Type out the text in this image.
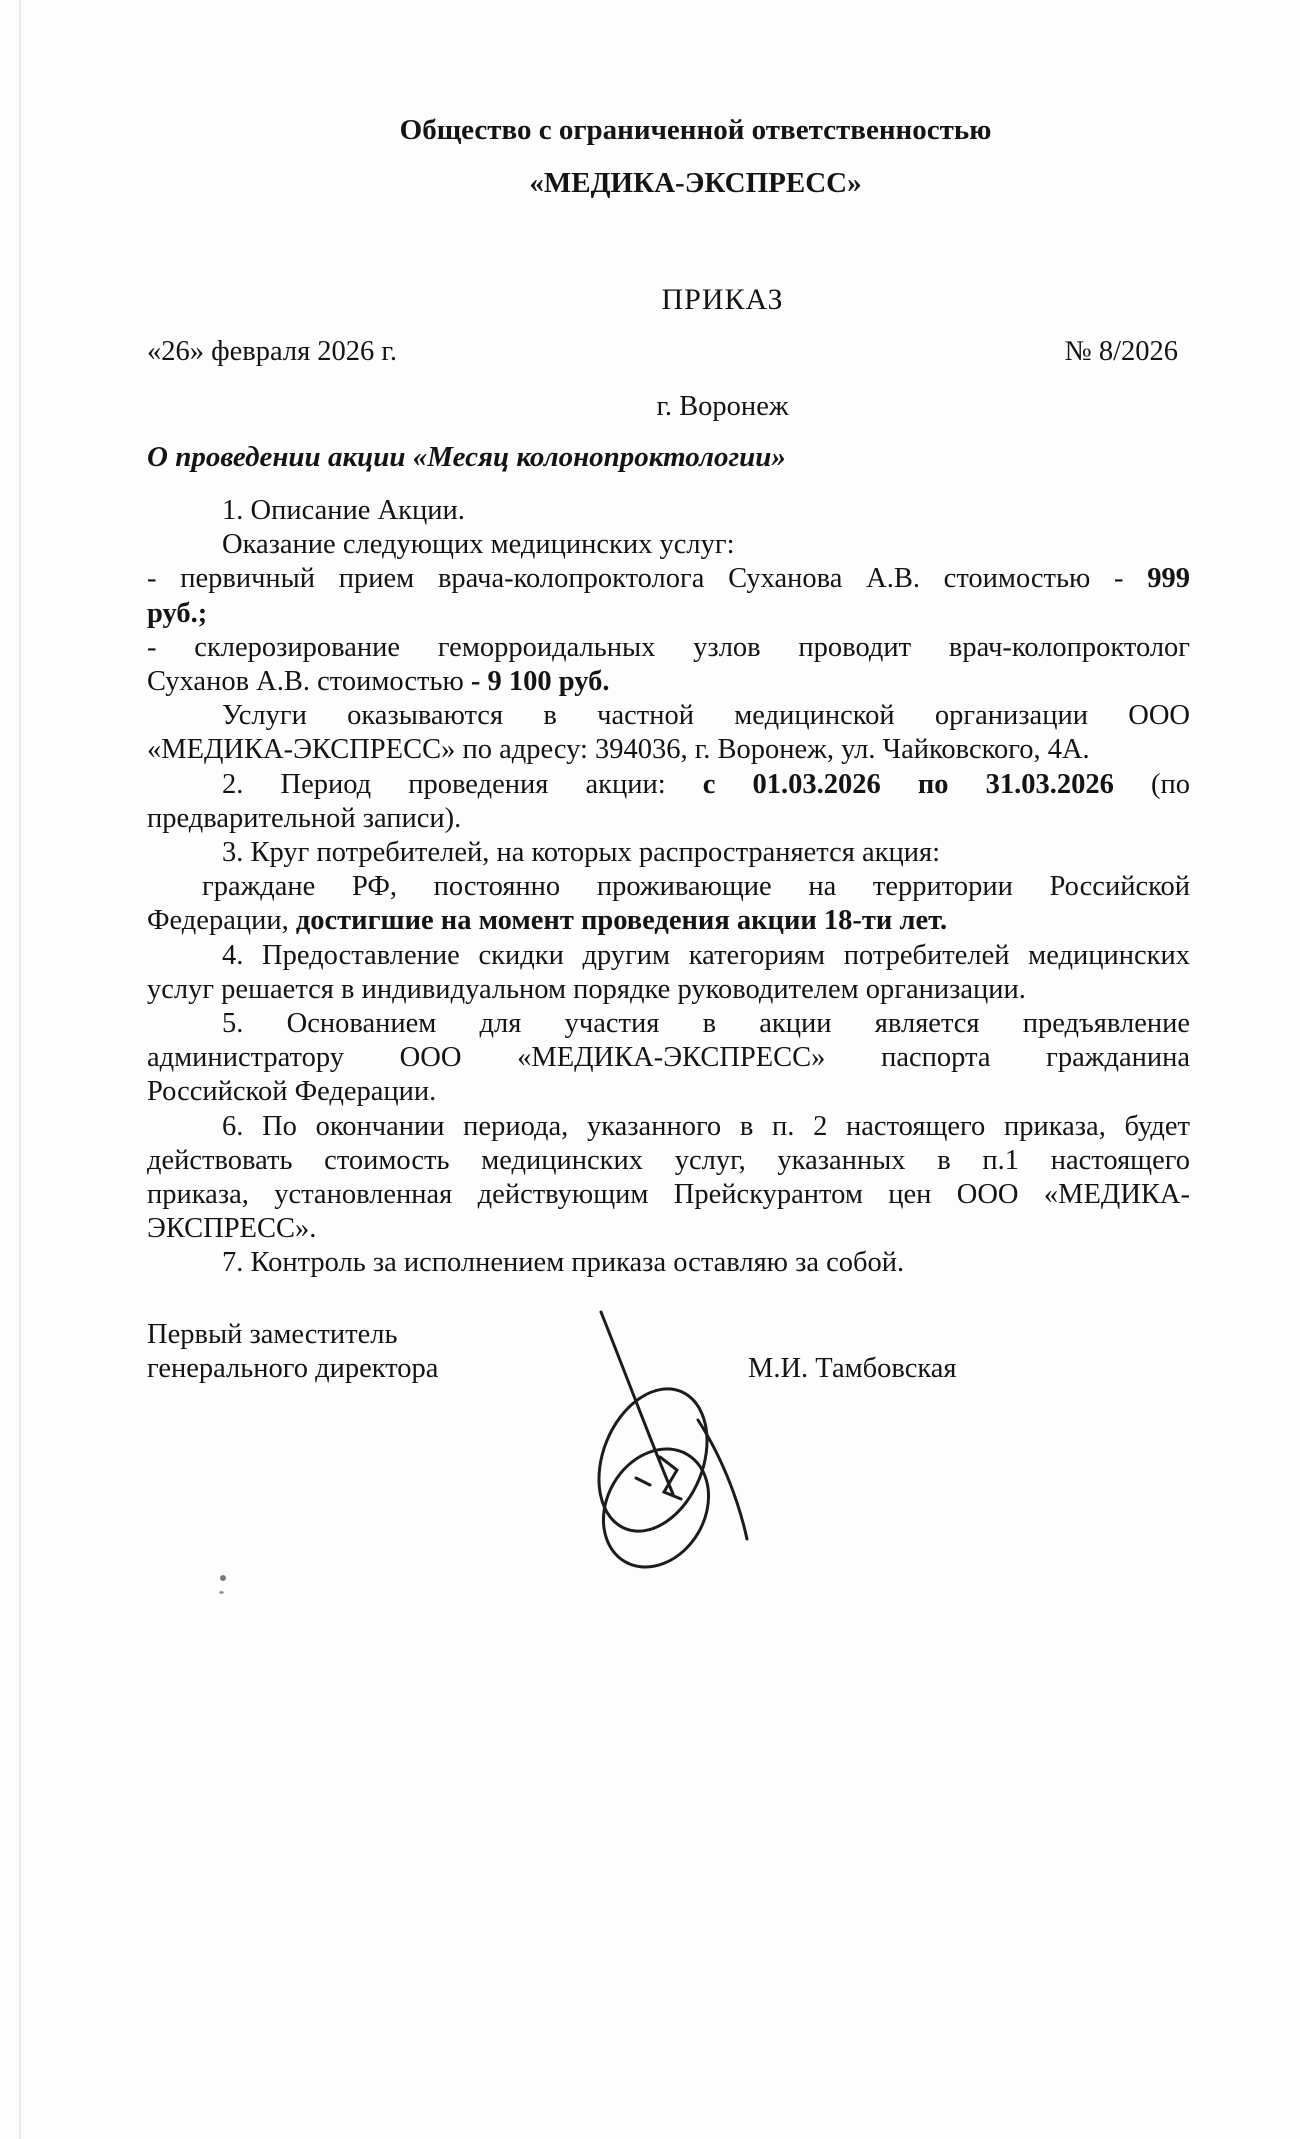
Общество с ограниченной ответственностью
«МЕДИКА-ЭКСПРЕСС»
ПРИКАЗ
«26» февраля 2026 г.	№ 8/2026
г. Воронеж
О проведении акции «Месяц колонопроктологии»
1. Описание Акции.
Оказание следующих медицинских услуг:
- первичный прием врача-колопроктолога Суханова А.В. стоимостью - 999
руб.;
- склерозирование геморроидальных узлов проводит врач-колопроктолог
Суханов А.В. стоимостью - 9 100 руб.
Услуги оказываются в частной медицинской организации ООО
«МЕДИКА-ЭКСПРЕСС» по адресу: 394036, г. Воронеж, ул. Чайковского, 4А.
2. Период проведения акции: с 01.03.2026 по 31.03.2026 (по
предварительной записи).
3. Круг потребителей, на которых распространяется акция:
граждане РФ, постоянно проживающие на территории Российской
Федерации, достигшие на момент проведения акции 18-ти лет.
4. Предоставление скидки другим категориям потребителей медицинских
услуг решается в индивидуальном порядке руководителем организации.
5. Основанием для участия в акции является предъявление
администратору ООО «МЕДИКА-ЭКСПРЕСС» паспорта гражданина
Российской Федерации.
6. По окончании периода, указанного в п. 2 настоящего приказа, будет
действовать стоимость медицинских услуг, указанных в п.1 настоящего
приказа, установленная действующим Прейскурантом цен ООО «МЕДИКА-
ЭКСПРЕСС».
7. Контроль за исполнением приказа оставляю за собой.
Первый заместитель
генерального директора	М.И. Тамбовская
